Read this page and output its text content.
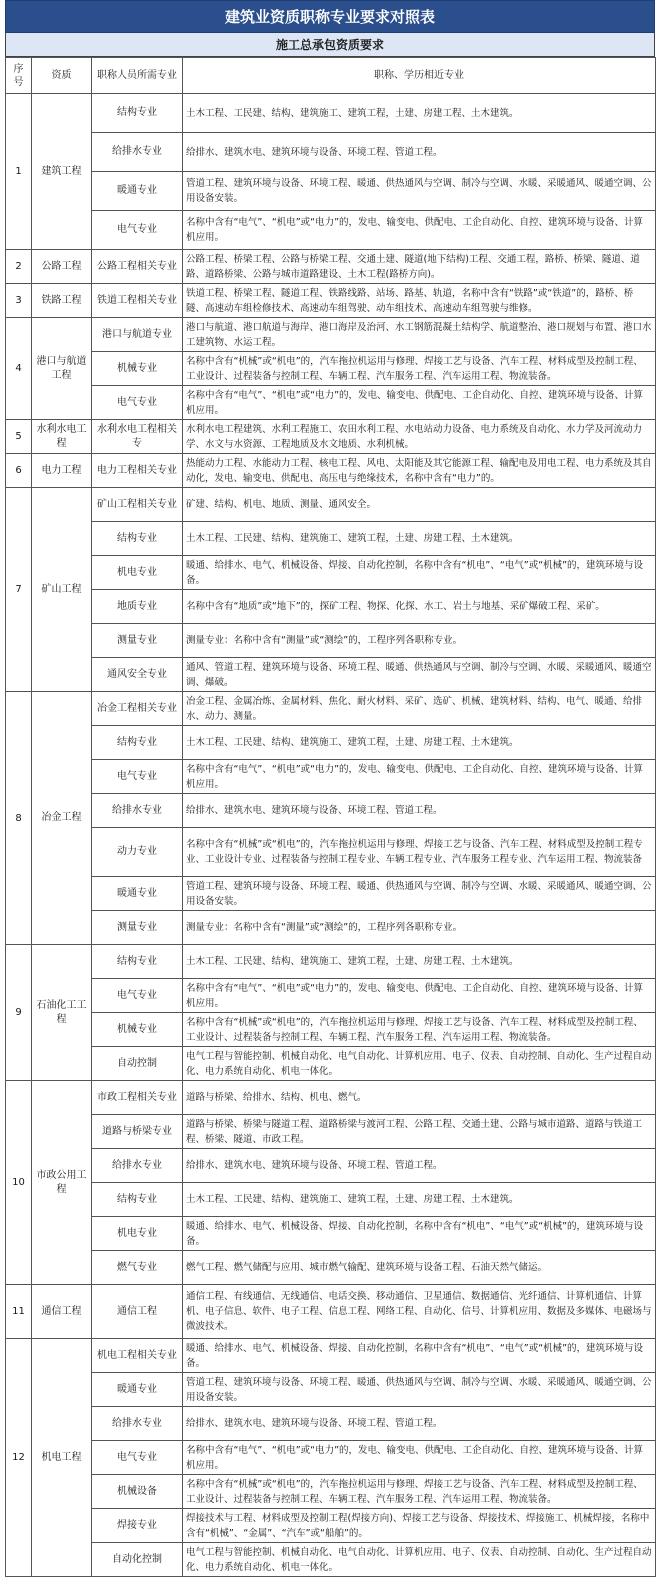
建筑业资质职称专业要求对照表
施工总承包资质要求
序号	资质	职称人员所需专业	职称、学历相近专业
1	建筑工程	结构专业	土木工程、工民建、结构、建筑施工、建筑工程，土建、房建工程、土木建筑。
		给排水专业	给排水、建筑水电、建筑环境与设备、环境工程、管道工程。
		暖通专业	管道工程、建筑环境与设备、环境工程、暖通、供热通风与空调、制冷与空调、水暖、采暖通风、暖通空调、公用设备安装。
		电气专业	名称中含有“电气”、“机电”或“电力”的，发电、输变电、供配电、工企自动化、自控、建筑环境与设备、计算机应用。
2	公路工程	公路工程相关专业	公路工程、桥梁工程、公路与桥梁工程、交通土建、隧道(地下结构)工程、交通工程，路桥、桥梁、隧道、道路、道路桥梁、公路与城市道路建设、土木工程(路桥方向)。
3	铁路工程	铁道工程相关专业	铁道工程、桥梁工程、隧道工程、铁路线路、站场、路基、轨道，名称中含有“铁路”或“铁道”的，路桥、桥隧、高速动车组检修技术、高速动车组驾驶、动车组技术、高速动车组驾驶与维修。
4	港口与航道工程	港口与航道专业	港口与航道、港口航道与海岸、港口海岸及治河、水工钢筋混凝土结构学、航道整治、港口规划与布置、港口水工建筑物、水运工程。
		机械专业	名称中含有“机械”或“机电”的，汽车拖拉机运用与修理、焊接工艺与设备、汽车工程、材料成型及控制工程、工业设计、过程装备与控制工程、车辆工程、汽车服务工程、汽车运用工程、物流装备。
		电气专业	名称中含有“电气”、“机电”或“电力”的，发电、输变电、供配电、工企自动化、自控、建筑环境与设备、计算机应用。
5	水利水电工程	水利水电工程相关专	水利水电工程建筑、水利工程施工、农田水利工程、水电站动力设备、电力系统及自动化、水力学及河流动力学、水文与水资源、工程地质及水文地质、水利机械。
6	电力工程	电力工程相关专业	热能动力工程、水能动力工程、核电工程、风电、太阳能及其它能源工程、输配电及用电工程、电力系统及其自动化，发电、输变电、供配电、高压电与绝缘技术，名称中含有“电力”的。
7	矿山工程	矿山工程相关专业	矿建、结构、机电、地质、测量、通风安全。
		结构专业	土木工程、工民建、结构、建筑施工、建筑工程，土建、房建工程、土木建筑。
		机电专业	暖通、给排水、电气、机械设备、焊接、自动化控制，名称中含有“机电”、“电气”或“机械”的，建筑环境与设备。
		地质专业	名称中含有“地质”或“地下”的，探矿工程、物探、化探、水工、岩土与地基、采矿爆破工程、采矿。
		测量专业	测量专业：名称中含有“测量”或“测绘”的，工程序列各职称专业。
		通风安全专业	通风、管道工程、建筑环境与设备、环境工程、暖通、供热通风与空调、制冷与空调、水暖、采暖通风、暖通空调、爆破。
8	冶金工程	冶金工程相关专业	冶金工程、金属冶炼、金属材料、焦化、耐火材料、采矿、选矿、机械、建筑材料、结构、电气、暖通、给排水、动力、测量。
		结构专业	土木工程、工民建、结构、建筑施工、建筑工程，土建、房建工程、土木建筑。
		电气专业	名称中含有“电气”、“机电”或“电力”的，发电、输变电、供配电、工企自动化、自控、建筑环境与设备、计算机应用。
		给排水专业	给排水、建筑水电、建筑环境与设备、环境工程、管道工程。
		动力专业	名称中含有“机械”或“机电”的，汽车拖拉机运用与修理、焊接工艺与设备、汽车工程、材料成型及控制工程专业、工业设计专业、过程装备与控制工程专业、车辆工程专业、汽车服务工程专业、汽车运用工程、物流装备
		暖通专业	管道工程、建筑环境与设备、环境工程、暖通、供热通风与空调、制冷与空调、水暖、采暖通风、暖通空调、公用设备安装。
		测量专业	测量专业：名称中含有“测量”或“测绘”的，工程序列各职称专业。
9	石油化工工程	结构专业	土木工程、工民建、结构、建筑施工、建筑工程，土建、房建工程、土木建筑。
		电气专业	名称中含有“电气”、“机电”或“电力”的，发电、输变电、供配电、工企自动化、自控、建筑环境与设备、计算机应用。
		机械专业	名称中含有“机械”或“机电”的，汽车拖拉机运用与修理、焊接工艺与设备、汽车工程、材料成型及控制工程、工业设计、过程装备与控制工程、车辆工程、汽车服务工程、汽车运用工程、物流装备。
		自动控制	电气工程与智能控制、机械自动化、电气自动化、计算机应用、电子、仪表、自动控制、自动化、生产过程自动化、电力系统自动化、机电一体化。
10	市政公用工程	市政工程相关专业	道路与桥梁、给排水、结构、机电、燃气。
		道路与桥梁专业	道路与桥梁、桥梁与隧道工程、道路桥梁与渡河工程、公路工程、交通土建、公路与城市道路、道路与铁道工程、桥梁、隧道、市政工程。
		给排水专业	给排水、建筑水电、建筑环境与设备、环境工程、管道工程。
		结构专业	土木工程、工民建、结构、建筑施工、建筑工程，土建、房建工程、土木建筑。
		机电专业	暖通、给排水、电气、机械设备、焊接、自动化控制，名称中含有“机电”、“电气”或“机械”的，建筑环境与设备。
		燃气专业	燃气工程、燃气储配与应用、城市燃气输配、建筑环境与设备工程、石油天然气储运。
11	通信工程	通信工程	通信工程、有线通信、无线通信、电话交换、移动通信、卫星通信、数据通信、光纤通信、计算机通信、计算机、电子信息、软件、电子工程、信息工程、网络工程、自动化、信号、计算机应用、数据及多媒体、电磁场与微波技术。
12	机电工程	机电工程相关专业	暖通、给排水、电气、机械设备、焊接、自动化控制，名称中含有“机电”、“电气”或“机械”的，建筑环境与设备。
		暖通专业	管道工程、建筑环境与设备、环境工程、暖通、供热通风与空调、制冷与空调、水暖、采暖通风、暖通空调、公用设备安装。
		给排水专业	给排水、建筑水电、建筑环境与设备、环境工程、管道工程。
		电气专业	名称中含有“电气”、“机电”或“电力”的，发电、输变电、供配电、工企自动化、自控、建筑环境与设备、计算机应用。
		机械设备	名称中含有“机械”或“机电”的，汽车拖拉机运用与修理、焊接工艺与设备、汽车工程、材料成型及控制工程、工业设计、过程装备与控制工程、车辆工程、汽车服务工程、汽车运用工程、物流装备。
		焊接专业	焊接技术与工程、材料成型及控制工程(焊接方向)、焊接工艺与设备、焊接技术、焊接施工、机械焊接，名称中含有“机械”、“金属”、“汽车”或“船舶”的。
		自动化控制	电气工程与智能控制、机械自动化、电气自动化、计算机应用、电子、仪表、自动控制、自动化、生产过程自动化、电力系统自动化、机电一体化。
